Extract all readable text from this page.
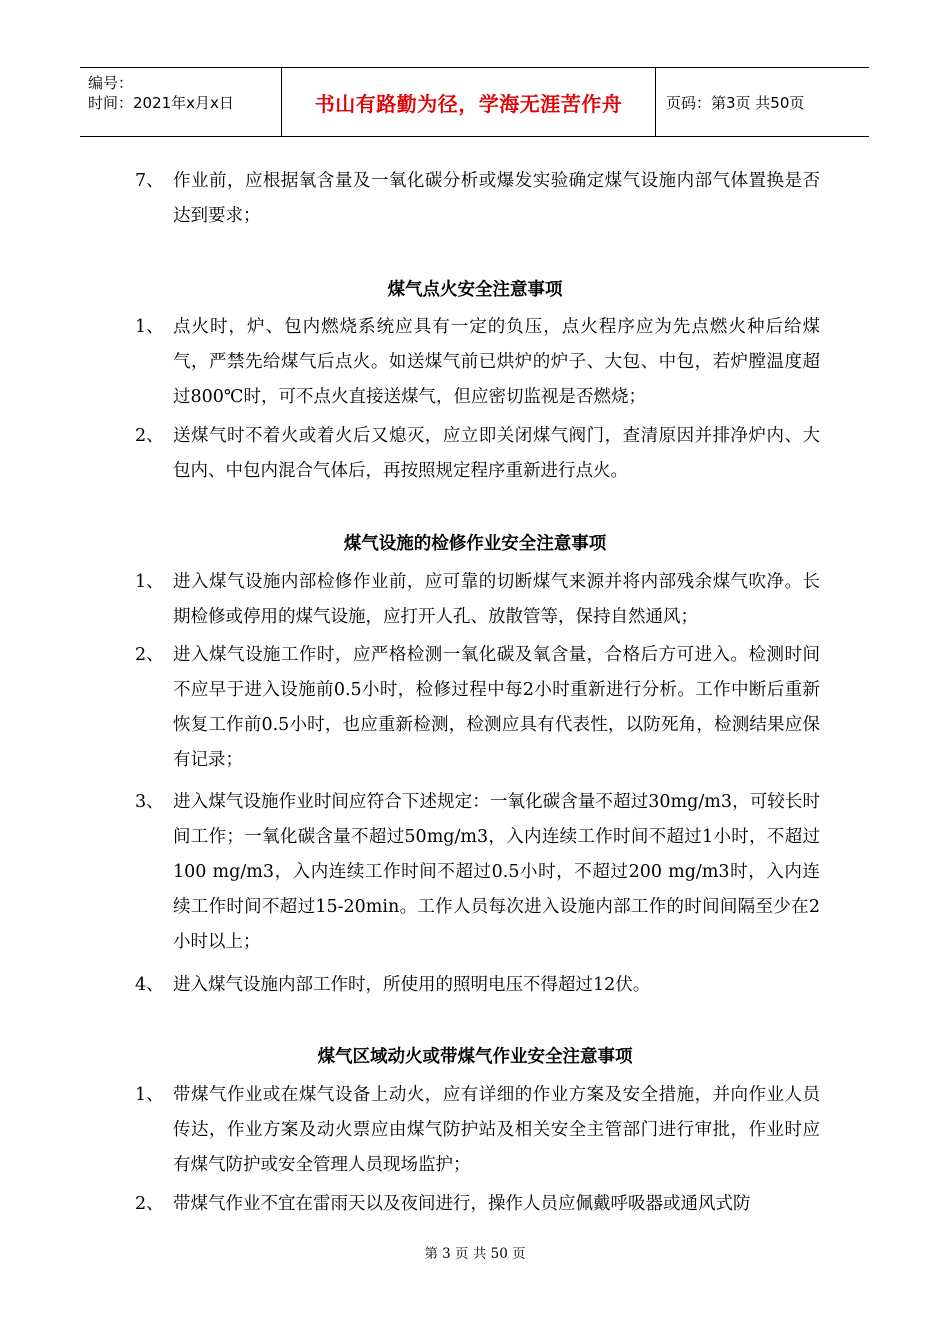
编号：
时间：2021年x月x日	书山有路勤为径，学海无涯苦作舟	页码：第3页 共50页
7、 作业前，应根据氧含量及一氧化碳分析或爆发实验确定煤气设施内部气体置换是否达到要求；
煤气点火安全注意事项
1、 点火时，炉、包内燃烧系统应具有一定的负压，点火程序应为先点燃火种后给煤气，严禁先给煤气后点火。如送煤气前已烘炉的炉子、大包、中包，若炉膛温度超过800℃时，可不点火直接送煤气，但应密切监视是否燃烧；
2、 送煤气时不着火或着火后又熄灭，应立即关闭煤气阀门，查清原因并排净炉内、大包内、中包内混合气体后，再按照规定程序重新进行点火。
煤气设施的检修作业安全注意事项
1、 进入煤气设施内部检修作业前，应可靠的切断煤气来源并将内部残余煤气吹净。长期检修或停用的煤气设施，应打开人孔、放散管等，保持自然通风；
2、 进入煤气设施工作时，应严格检测一氧化碳及氧含量，合格后方可进入。检测时间不应早于进入设施前0.5小时，检修过程中每2小时重新进行分析。工作中断后重新恢复工作前0.5小时，也应重新检测，检测应具有代表性，以防死角，检测结果应保有记录；
3、 进入煤气设施作业时间应符合下述规定：一氧化碳含量不超过30mg/m3，可较长时间工作；一氧化碳含量不超过50mg/m3，入内连续工作时间不超过1小时，不超过100 mg/m3，入内连续工作时间不超过0.5小时，不超过200 mg/m3时，入内连续工作时间不超过15-20min。工作人员每次进入设施内部工作的时间间隔至少在2小时以上；
4、 进入煤气设施内部工作时，所使用的照明电压不得超过12伏。
煤气区域动火或带煤气作业安全注意事项
1、 带煤气作业或在煤气设备上动火，应有详细的作业方案及安全措施，并向作业人员传达，作业方案及动火票应由煤气防护站及相关安全主管部门进行审批，作业时应有煤气防护或安全管理人员现场监护；
2、 带煤气作业不宜在雷雨天以及夜间进行，操作人员应佩戴呼吸器或通风式防
第 3 页 共 50 页
